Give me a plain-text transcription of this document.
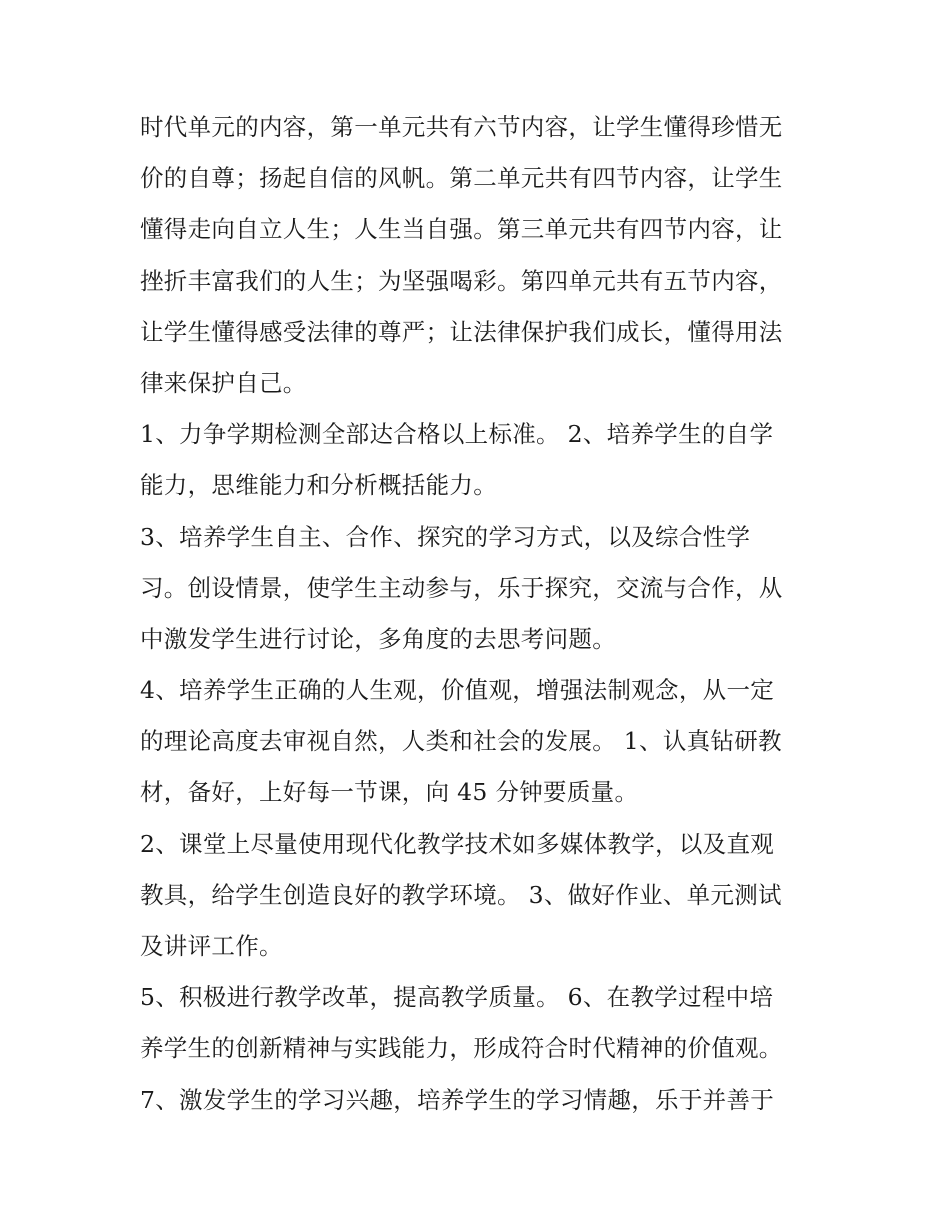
时代单元的内容，第一单元共有六节内容，让学生懂得珍惜无
价的自尊；扬起自信的风帆。第二单元共有四节内容，让学生
懂得走向自立人生；人生当自强。第三单元共有四节内容，让
挫折丰富我们的人生；为坚强喝彩。第四单元共有五节内容，
让学生懂得感受法律的尊严；让法律保护我们成长，懂得用法
律来保护自己。
1、力争学期检测全部达合格以上标准。 2、培养学生的自学
能力，思维能力和分析概括能力。
3、培养学生自主、合作、探究的学习方式，以及综合性学
习。创设情景，使学生主动参与，乐于探究，交流与合作，从
中激发学生进行讨论，多角度的去思考问题。
4、培养学生正确的人生观，价值观，增强法制观念，从一定
的理论高度去审视自然，人类和社会的发展。 1、认真钻研教
材，备好，上好每一节课，向 45 分钟要质量。
2、课堂上尽量使用现代化教学技术如多媒体教学，以及直观
教具，给学生创造良好的教学环境。 3、做好作业、单元测试
及讲评工作。
5、积极进行教学改革，提高教学质量。 6、在教学过程中培
养学生的创新精神与实践能力，形成符合时代精神的价值观。
7、激发学生的学习兴趣，培养学生的学习情趣，乐于并善于
